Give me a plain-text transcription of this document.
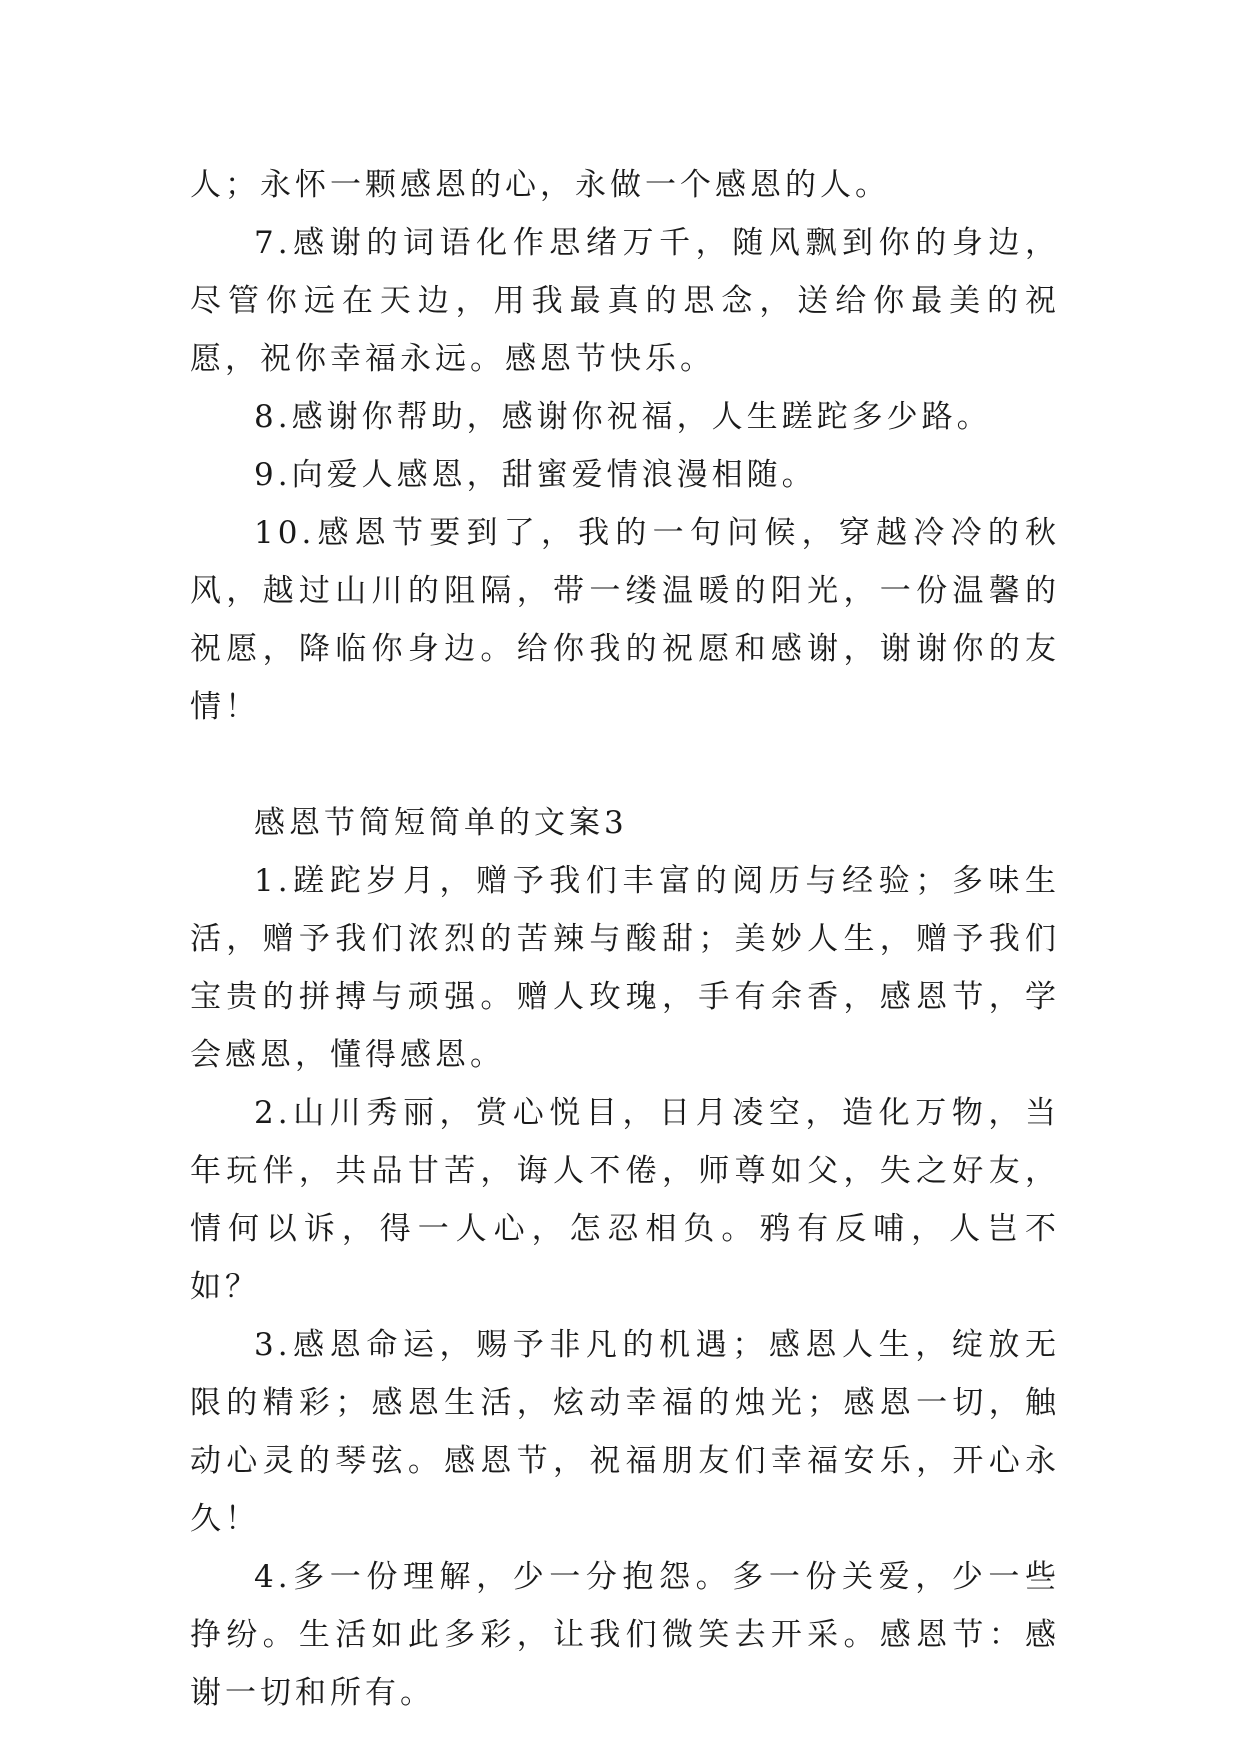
人；永怀一颗感恩的心，永做一个感恩的人。

7.感谢的词语化作思绪万千，随风飘到你的身边，尽管你远在天边，用我最真的思念，送给你最美的祝愿，祝你幸福永远。感恩节快乐。

8.感谢你帮助，感谢你祝福，人生蹉跎多少路。

9.向爱人感恩，甜蜜爱情浪漫相随。

10.感恩节要到了，我的一句问候，穿越冷冷的秋风，越过山川的阻隔，带一缕温暖的阳光，一份温馨的祝愿，降临你身边。给你我的祝愿和感谢，谢谢你的友情！

感恩节简短简单的文案3

1.蹉跎岁月，赠予我们丰富的阅历与经验；多味生活，赠予我们浓烈的苦辣与酸甜；美妙人生，赠予我们宝贵的拼搏与顽强。赠人玫瑰，手有余香，感恩节，学会感恩，懂得感恩。

2.山川秀丽，赏心悦目，日月凌空，造化万物，当年玩伴，共品甘苦，诲人不倦，师尊如父，失之好友，情何以诉，得一人心，怎忍相负。鸦有反哺，人岂不如？

3.感恩命运，赐予非凡的机遇；感恩人生，绽放无限的精彩；感恩生活，炫动幸福的烛光；感恩一切，触动心灵的琴弦。感恩节，祝福朋友们幸福安乐，开心永久！

4.多一份理解，少一分抱怨。多一份关爱，少一些挣纷。生活如此多彩，让我们微笑去开采。感恩节：感谢一切和所有。
